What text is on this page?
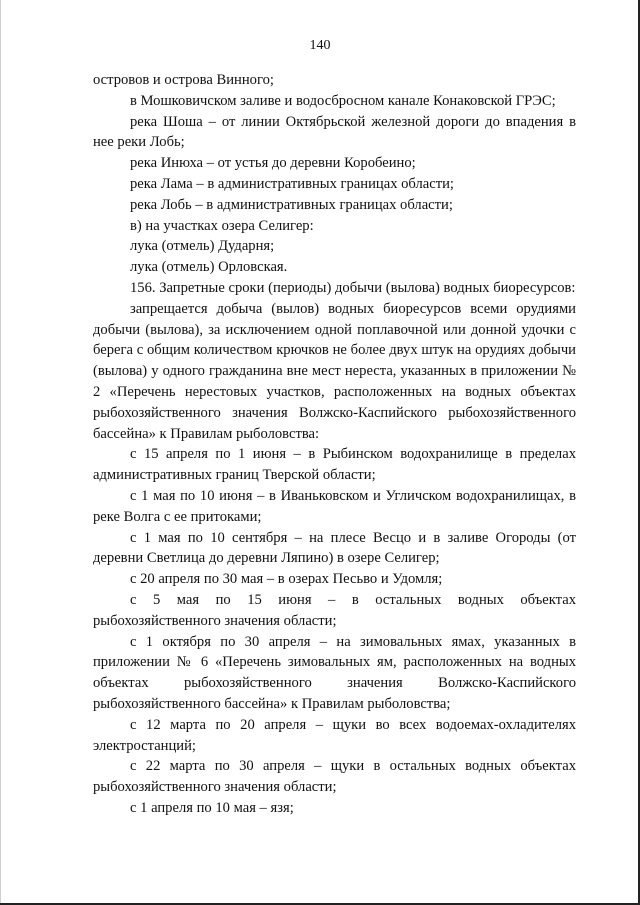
140

островов и острова Винного;

в Мошковичском заливе и водосбросном канале Конаковской ГРЭС;

река Шоша – от линии Октябрьской железной дороги до впадения в нее реки Лобь;

река Инюха – от устья до деревни Коробеино;

река Лама – в административных границах области;

река Лобь – в административных границах области;

в) на участках озера Селигер:

лука (отмель) Дударня;

лука (отмель) Орловская.

156. Запретные сроки (периоды) добычи (вылова) водных биоресурсов:

запрещается добыча (вылов) водных биоресурсов всеми орудиями добычи (вылова), за исключением одной поплавочной или донной удочки с берега с общим количеством крючков не более двух штук на орудиях добычи (вылова) у одного гражданина вне мест нереста, указанных в приложении № 2 «Перечень нерестовых участков, расположенных на водных объектах рыбохозяйственного значения Волжско-Каспийского рыбохозяйственного бассейна» к Правилам рыболовства:

с 15 апреля по 1 июня – в Рыбинском водохранилище в пределах административных границ Тверской области;

с 1 мая по 10 июня – в Иваньковском и Угличском водохранилищах, в реке Волга с ее притоками;

с 1 мая по 10 сентября – на плесе Весцо и в заливе Огороды (от деревни Светлица до деревни Ляпино) в озере Селигер;

с 20 апреля по 30 мая – в озерах Песьво и Удомля;

с 5 мая по 15 июня – в остальных водных объектах рыбохозяйственного значения области;

с 1 октября по 30 апреля – на зимовальных ямах, указанных в приложении № 6 «Перечень зимовальных ям, расположенных на водных объектах рыбохозяйственного значения Волжско-Каспийского рыбохозяйственного бассейна» к Правилам рыболовства;

с 12 марта по 20 апреля – щуки во всех водоемах-охладителях электростанций;

с 22 марта по 30 апреля – щуки в остальных водных объектах рыбохозяйственного значения области;

с 1 апреля по 10 мая – язя;
